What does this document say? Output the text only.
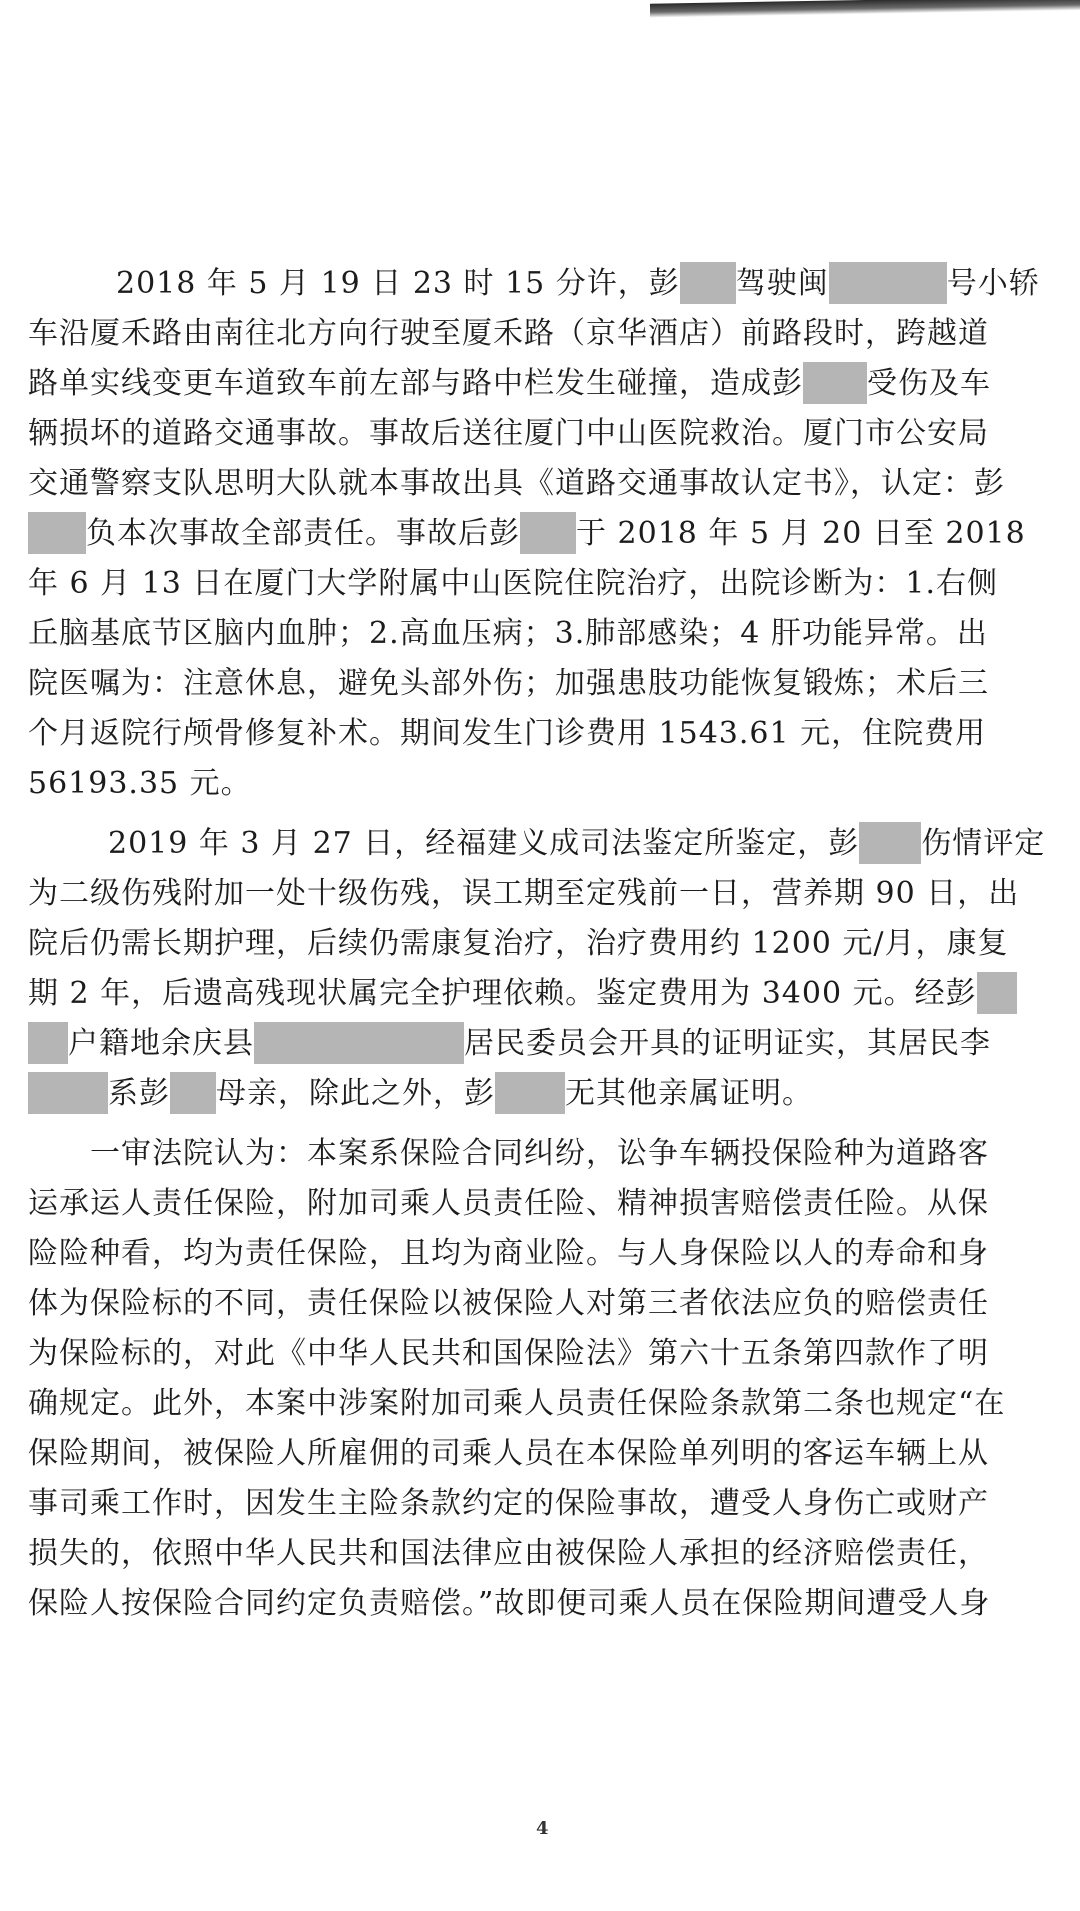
2018 年 5 月 19 日 23 时 15 分许，彭 驾驶闽	号小轿
车沿厦禾路由南往北方向行驶至厦禾路（京华酒店）前路段时，跨越道
路单实线变更车道致车前左部与路中栏发生碰撞，造成彭 受伤及车
辆损坏的道路交通事故。事故后送往厦门中山医院救治。厦门市公安局
交通警察支队思明大队就本事故出具《道路交通事故认定书》，认定：彭
负本次事故全部责任。事故后彭 于 2018 年 5 月 20 日至 2018
年 6 月 13 日在厦门大学附属中山医院住院治疗，出院诊断为：1.右侧
丘脑基底节区脑内血肿；2.高血压病；3.肺部感染；4 肝功能异常。出
院医嘱为：注意休息，避免头部外伤；加强患肢功能恢复锻炼；术后三
个月返院行颅骨修复补术。期间发生门诊费用 1543.61 元，住院费用
56193.35 元。
2019 年 3 月 27 日，经福建义成司法鉴定所鉴定，彭 伤情评定
为二级伤残附加一处十级伤残，误工期至定残前一日，营养期 90 日，出
院后仍需长期护理，后续仍需康复治疗，治疗费用约 1200 元/月，康复
期 2 年，后遗高残现状属完全护理依赖。鉴定费用为 3400 元。经彭
户籍地余庆县	居民委员会开具的证明证实，其居民李
系彭 母亲，除此之外，彭 无其他亲属证明。
一审法院认为：本案系保险合同纠纷，讼争车辆投保险种为道路客
运承运人责任保险，附加司乘人员责任险、精神损害赔偿责任险。从保
险险种看，均为责任保险，且均为商业险。与人身保险以人的寿命和身
体为保险标的不同，责任保险以被保险人对第三者依法应负的赔偿责任
为保险标的，对此《中华人民共和国保险法》第六十五条第四款作了明
确规定。此外，本案中涉案附加司乘人员责任保险条款第二条也规定“在
保险期间，被保险人所雇佣的司乘人员在本保险单列明的客运车辆上从
事司乘工作时，因发生主险条款约定的保险事故，遭受人身伤亡或财产
损失的，依照中华人民共和国法律应由被保险人承担的经济赔偿责任，
保险人按保险合同约定负责赔偿。”故即便司乘人员在保险期间遭受人身
4
